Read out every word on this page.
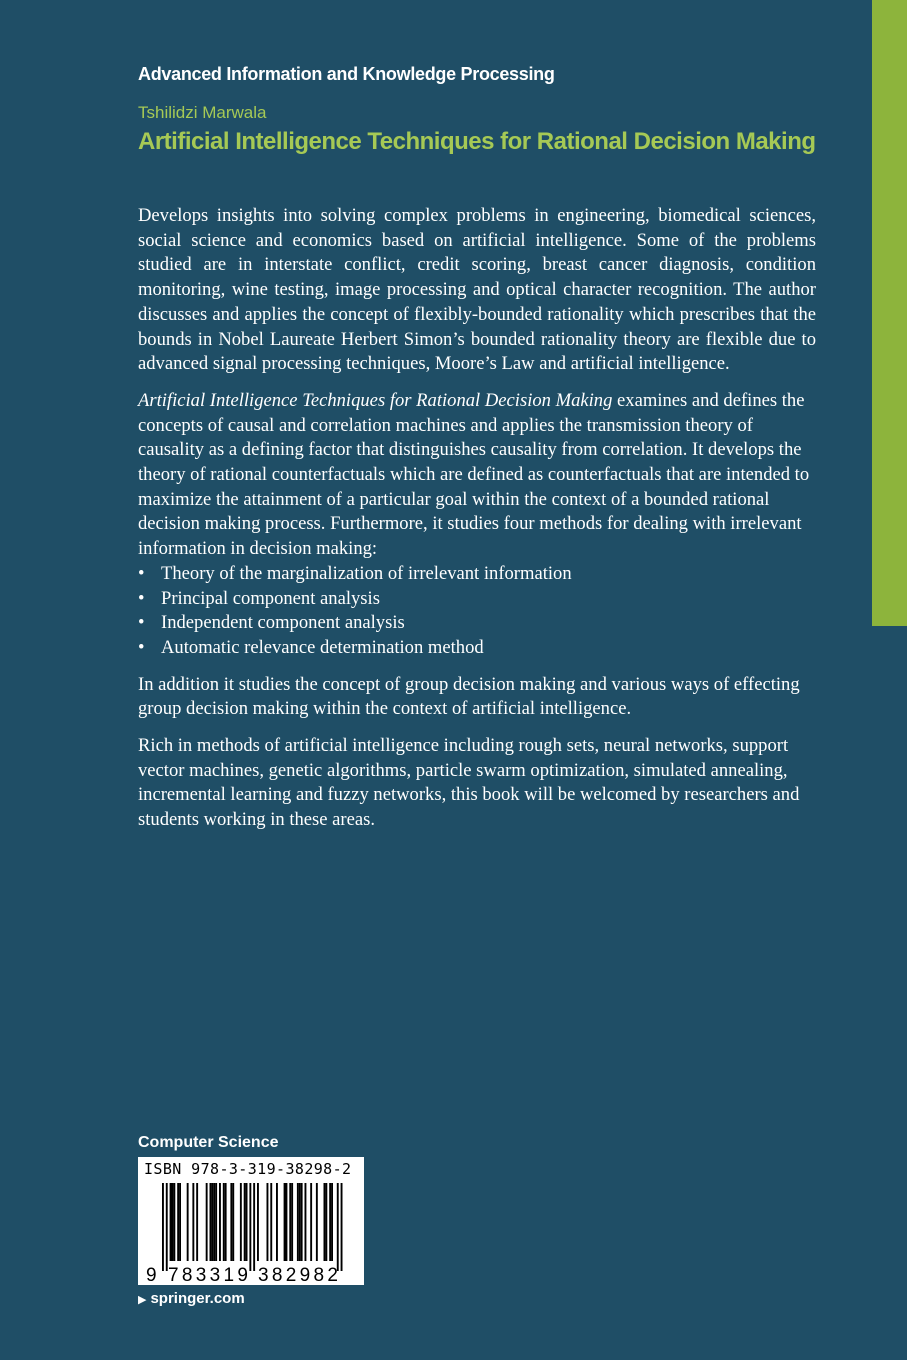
Advanced Information and Knowledge Processing
Tshilidzi Marwala
Artificial Intelligence Techniques for Rational Decision Making

Develops insights into solving complex problems in engineering, biomedical sciences, social science and economics based on artificial intelligence. Some of the problems studied are in interstate conflict, credit scoring, breast cancer diagnosis, condition monitoring, wine testing, image processing and optical character recognition. The author discusses and applies the concept of flexibly-bounded rationality which prescribes that the bounds in Nobel Laureate Herbert Simon’s bounded rationality theory are flexible due to advanced signal processing techniques, Moore’s Law and artificial intelligence.

Artificial Intelligence Techniques for Rational Decision Making examines and defines the concepts of causal and correlation machines and applies the transmission theory of causality as a defining factor that distinguishes causality from correlation. It develops the theory of rational counterfactuals which are defined as counterfactuals that are intended to maximize the attainment of a particular goal within the context of a bounded rational decision making process. Furthermore, it studies four methods for dealing with irrelevant information in decision making:

• Theory of the marginalization of irrelevant information
• Principal component analysis
• Independent component analysis
• Automatic relevance determination method

In addition it studies the concept of group decision making and various ways of effecting group decision making within the context of artificial intelligence.

Rich in methods of artificial intelligence including rough sets, neural networks, support vector machines, genetic algorithms, particle swarm optimization, simulated annealing, incremental learning and fuzzy networks, this book will be welcomed by researchers and students working in these areas.

Computer Science
9 783319 382982
ISBN 978-3-319-38298-2
▶ springer.com
